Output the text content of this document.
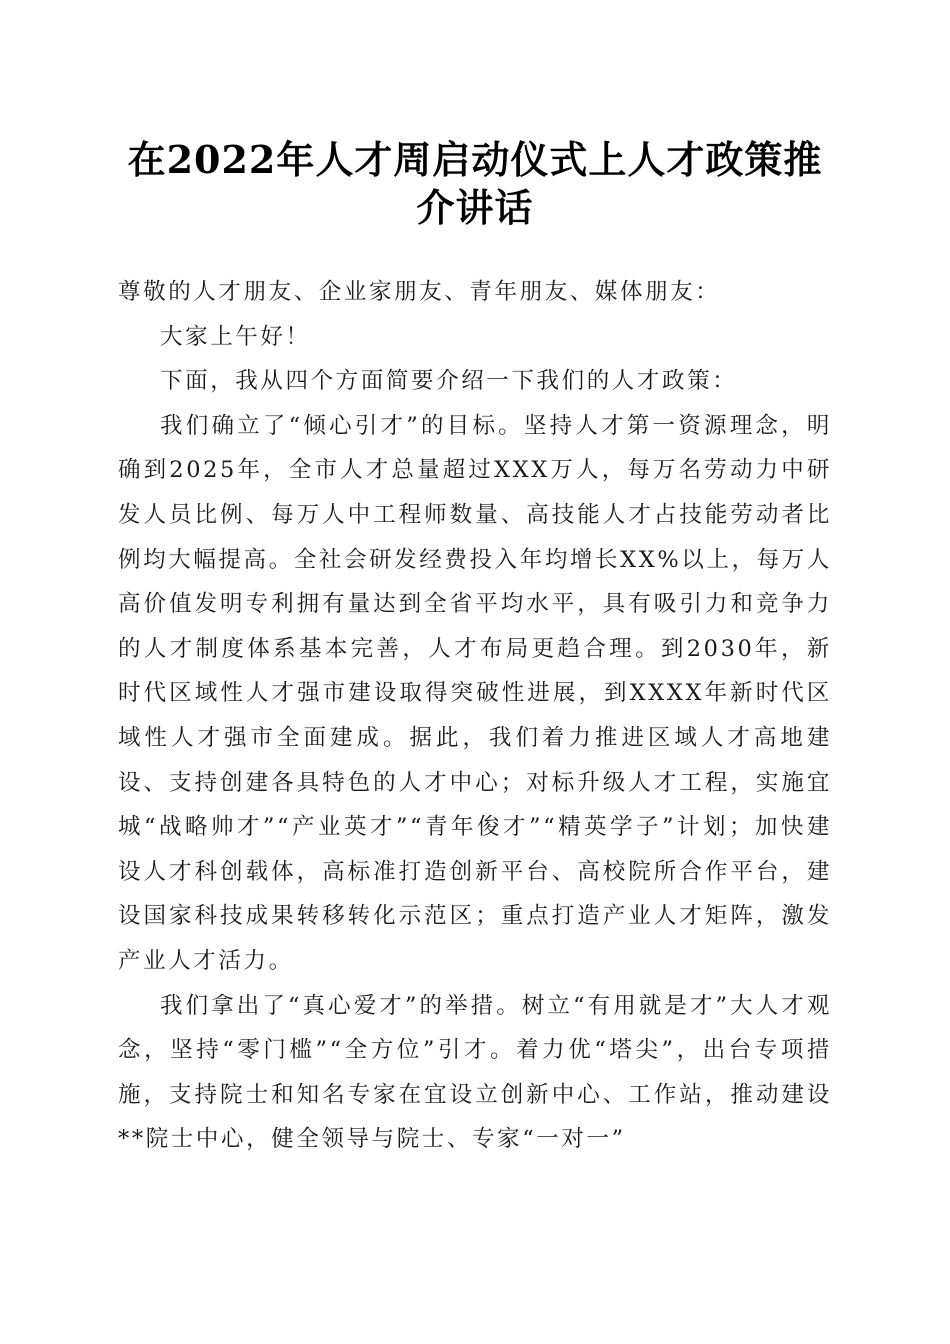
在2022年人才周启动仪式上人才政策推介讲话

尊敬的人才朋友、企业家朋友、青年朋友、媒体朋友：

大家上午好！

下面，我从四个方面简要介绍一下我们的人才政策：

我们确立了“倾心引才”的目标。坚持人才第一资源理念，明确到2025年，全市人才总量超过XXX万人，每万名劳动力中研发人员比例、每万人中工程师数量、高技能人才占技能劳动者比例均大幅提高。全社会研发经费投入年均增长XX%以上，每万人高价值发明专利拥有量达到全省平均水平，具有吸引力和竞争力的人才制度体系基本完善，人才布局更趋合理。到2030年，新时代区域性人才强市建设取得突破性进展，到XXXX年新时代区域性人才强市全面建成。据此，我们着力推进区域人才高地建设、支持创建各具特色的人才中心；对标升级人才工程，实施宜城“战略帅才”“产业英才”“青年俊才”“精英学子”计划；加快建设人才科创载体，高标准打造创新平台、高校院所合作平台，建设国家科技成果转移转化示范区；重点打造产业人才矩阵，激发产业人才活力。

我们拿出了“真心爱才”的举措。树立“有用就是才”大人才观念，坚持“零门槛”“全方位”引才。着力优“塔尖”，出台专项措施，支持院士和知名专家在宜设立创新中心、工作站，推动建设**院士中心，健全领导与院士、专家“一对一”
